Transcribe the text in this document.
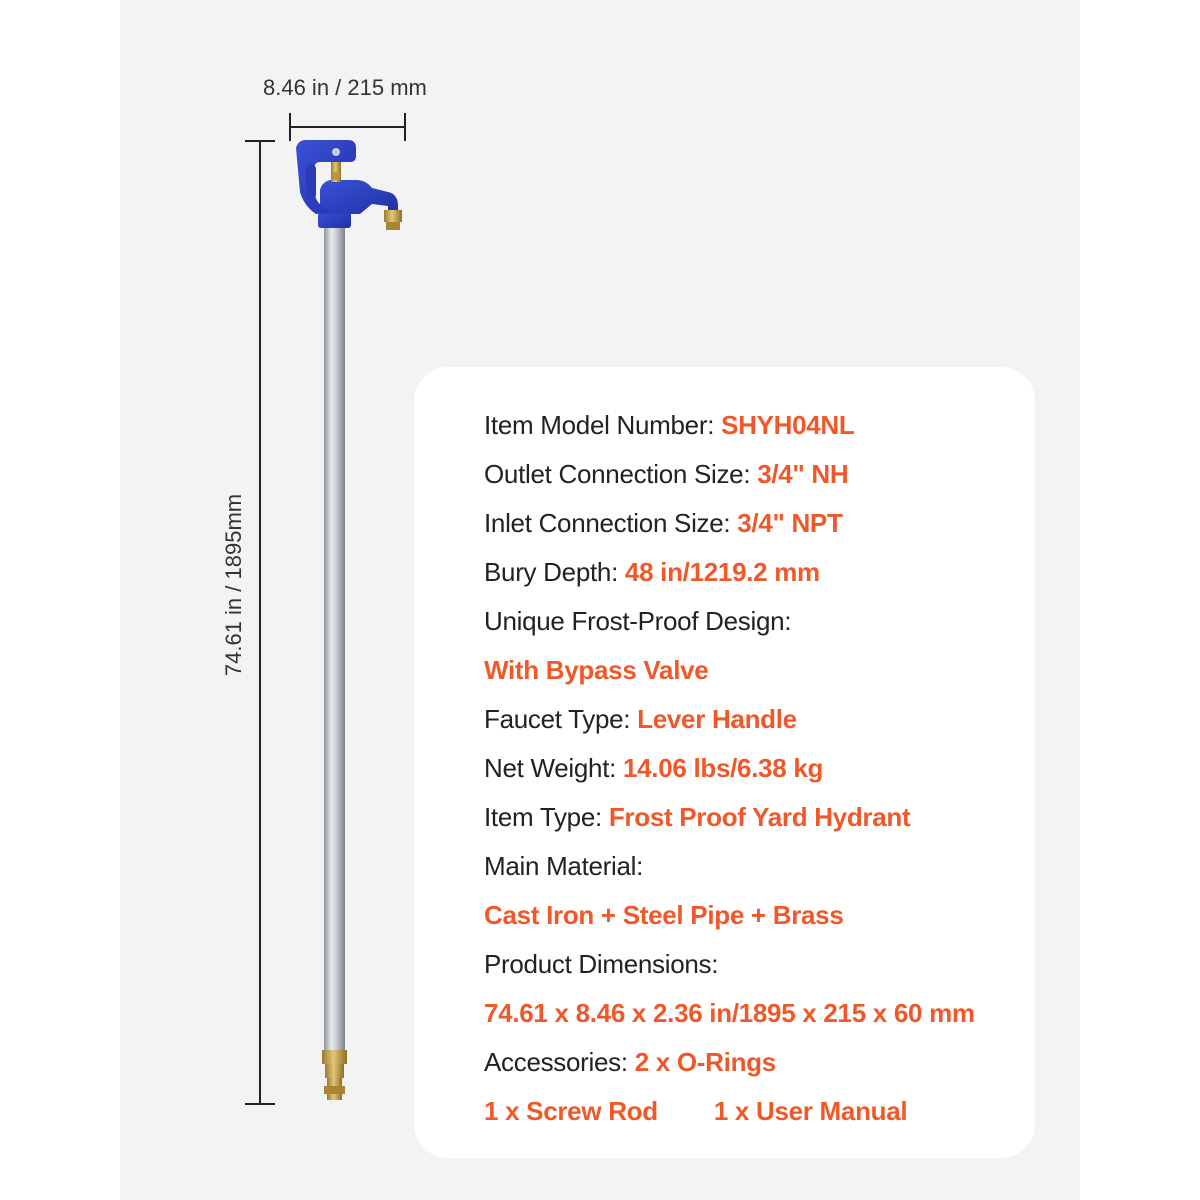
8.46 in / 215 mm
74.61 in / 1895mm
Item Model Number: SHYH04NL
Outlet Connection Size: 3/4" NH
Inlet Connection Size: 3/4" NPT
Bury Depth: 48 in/1219.2 mm
Unique Frost-Proof Design:
With Bypass Valve
Faucet Type: Lever Handle
Net Weight: 14.06 lbs/6.38 kg
Item Type: Frost Proof Yard Hydrant
Main Material:
Cast Iron + Steel Pipe + Brass
Product Dimensions:
74.61 x 8.46 x 2.36 in/1895 x 215 x 60 mm
Accessories: 2 x O-Rings
1 x Screw Rod 1 x User Manual
